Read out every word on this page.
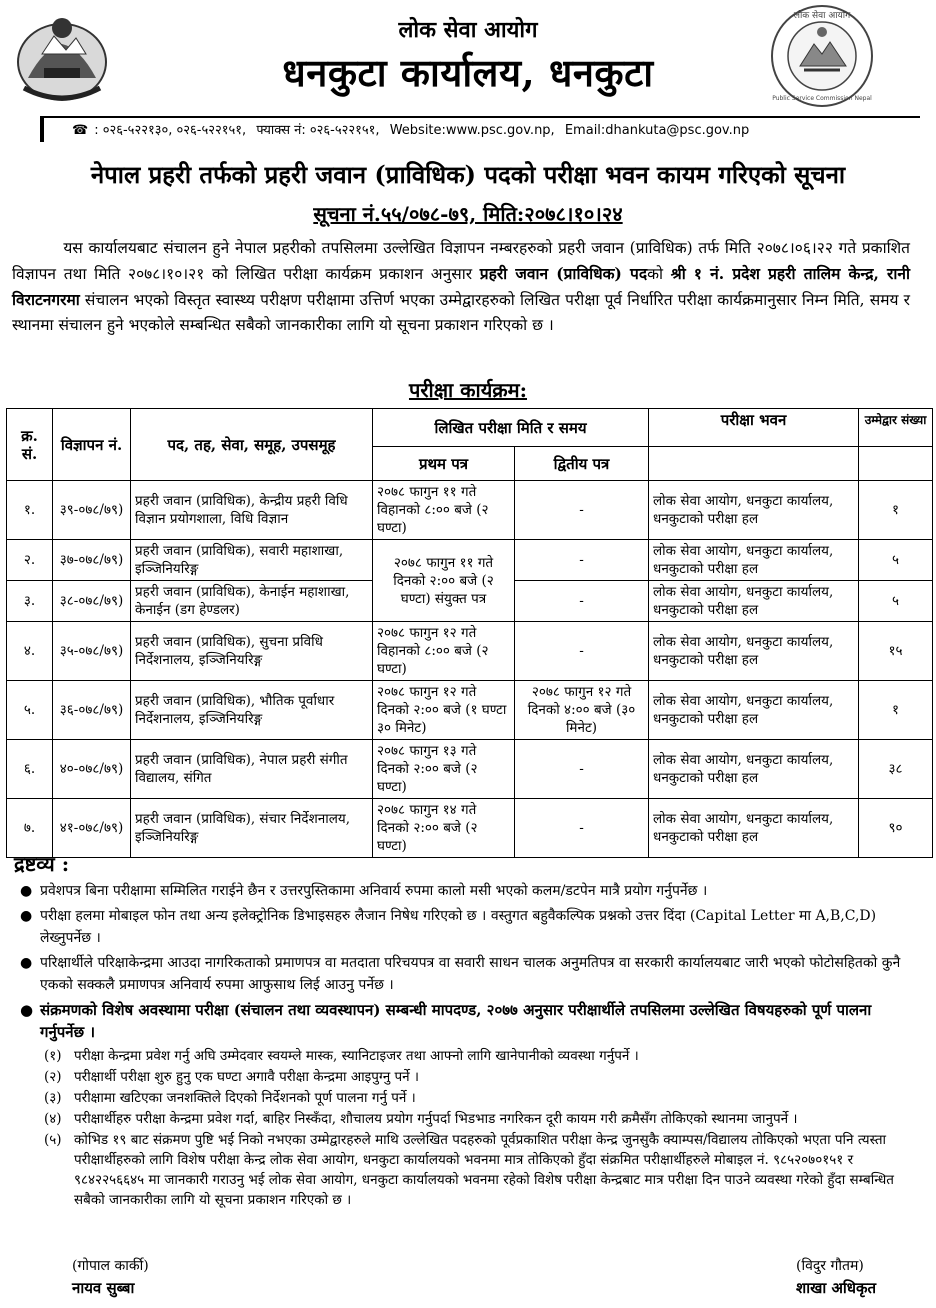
लोक सेवा आयोग
Public Service Commission Nepal
लोक सेवा आयोग
धनकुटा कार्यालय, धनकुटा
☎ : ०२६-५२२१३०, ०२६-५२२१५१, फ्याक्स नं: ०२६-५२२१५१, Website:www.psc.gov.np, Email:dhankuta@psc.gov.np
नेपाल प्रहरी तर्फको प्रहरी जवान (प्राविधिक) पदको परीक्षा भवन कायम गरिएको सूचना
सूचना नं.५५/०७८-७९, मिति:२०७८।१०।२४
यस कार्यालयबाट संचालन हुने नेपाल प्रहरीको तपसिलमा उल्लेखित विज्ञापन नम्बरहरुको प्रहरी जवान (प्राविधिक) तर्फ मिति २०७८।०६।२२ गते प्रकाशित विज्ञापन तथा मिति २०७८।१०।२१ को लिखित परीक्षा कार्यक्रम प्रकाशन अनुसार प्रहरी जवान (प्राविधिक) पदको श्री १ नं. प्रदेश प्रहरी तालिम केन्द्र, रानी विराटनगरमा संचालन भएको विस्तृत स्वास्थ्य परीक्षण परीक्षामा उत्तिर्ण भएका उम्मेद्वारहरुको लिखित परीक्षा पूर्व निर्धारित परीक्षा कार्यक्रमानुसार निम्न मिति, समय र स्थानमा संचालन हुने भएकोले सम्बन्धित सबैको जानकारीका लागि यो सूचना प्रकाशन गरिएको छ ।
परीक्षा कार्यक्रम:
क्र. सं.	विज्ञापन नं.	पद, तह, सेवा, समूह, उपसमूह	लिखित परीक्षा मिति र समय		परीक्षा भवन	उम्मेद्वार संख्या
			प्रथम पत्र	द्वितीय पत्र		
१.	३९-०७८/७९)	प्रहरी जवान (प्राविधिक), केन्द्रीय प्रहरी विधि विज्ञान प्रयोगशाला, विधि विज्ञान	२०७८ फागुन ११ गते विहानको ८:०० बजे (२ घण्टा)	-	लोक सेवा आयोग, धनकुटा कार्यालय, धनकुटाको परीक्षा हल	१
२.	३७-०७८/७९)	प्रहरी जवान (प्राविधिक), सवारी महाशाखा, इञ्जिनियरिङ्ग	२०७८ फागुन ११ गते दिनको २:०० बजे (२ घण्टा) संयुक्त पत्र	-	लोक सेवा आयोग, धनकुटा कार्यालय, धनकुटाको परीक्षा हल	५
३.	३८-०७८/७९)	प्रहरी जवान (प्राविधिक), केनाईन महाशाखा, केनाईन (डग हेण्डलर)		-	लोक सेवा आयोग, धनकुटा कार्यालय, धनकुटाको परीक्षा हल	५
४.	३५-०७८/७९)	प्रहरी जवान (प्राविधिक), सुचना प्रविधि निर्देशनालय, इञ्जिनियरिङ्ग	२०७८ फागुन १२ गते विहानको ८:०० बजे (२ घण्टा)	-	लोक सेवा आयोग, धनकुटा कार्यालय, धनकुटाको परीक्षा हल	१५
५.	३६-०७८/७९)	प्रहरी जवान (प्राविधिक), भौतिक पूर्वाधार निर्देशनालय, इञ्जिनियरिङ्ग	२०७८ फागुन १२ गते दिनको २:०० बजे (१ घण्टा ३० मिनेट)	२०७८ फागुन १२ गते दिनको ४:०० बजे (३० मिनेट)	लोक सेवा आयोग, धनकुटा कार्यालय, धनकुटाको परीक्षा हल	१
६.	४०-०७८/७९)	प्रहरी जवान (प्राविधिक), नेपाल प्रहरी संगीत विद्यालय, संगित	२०७८ फागुन १३ गते दिनको २:०० बजे (२ घण्टा)	-	लोक सेवा आयोग, धनकुटा कार्यालय, धनकुटाको परीक्षा हल	३८
७.	४१-०७८/७९)	प्रहरी जवान (प्राविधिक), संचार निर्देशनालय, इञ्जिनियरिङ्ग	२०७८ फागुन १४ गते दिनको २:०० बजे (२ घण्टा)	-	लोक सेवा आयोग, धनकुटा कार्यालय, धनकुटाको परीक्षा हल	९०
द्रष्टव्य :
● प्रवेशपत्र बिना परीक्षामा सम्मिलित गराईने छैन र उत्तरपुस्तिकामा अनिवार्य रुपमा कालो मसी भएको कलम/डटपेन मात्रै प्रयोग गर्नुपर्नेछ ।
● परीक्षा हलमा मोबाइल फोन तथा अन्य इलेक्ट्रोनिक डिभाइसहरु लैजान निषेध गरिएको छ । वस्तुगत बहुवैकल्पिक प्रश्नको उत्तर दिंदा (Capital Letter मा A,B,C,D) लेख्नुपर्नेछ ।
● परिक्षार्थीले परिक्षाकेन्द्रमा आउदा नागरिकताको प्रमाणपत्र वा मतदाता परिचयपत्र वा सवारी साधन चालक अनुमतिपत्र वा सरकारी कार्यालयबाट जारी भएको फोटोसहितको कुनै एकको सक्कलै प्रमाणपत्र अनिवार्य रुपमा आफुसाथ लिई आउनु पर्नेछ ।
● संक्रमणको विशेष अवस्थामा परीक्षा (संचालन तथा व्यवस्थापन) सम्बन्धी मापदण्ड, २०७७ अनुसार परीक्षार्थीले तपसिलमा उल्लेखित विषयहरुको पूर्ण पालना गर्नुपर्नेछ ।
(१) परीक्षा केन्द्रमा प्रवेश गर्नु अघि उम्मेदवार स्वयम्ले मास्क, स्यानिटाइजर तथा आफ्नो लागि खानेपानीको व्यवस्था गर्नुपर्ने ।
(२) परीक्षार्थी परीक्षा शुरु हुनु एक घण्टा अगावै परीक्षा केन्द्रमा आइपुग्नु पर्ने ।
(३) परीक्षामा खटिएका जनशक्तिले दिएको निर्देशनको पूर्ण पालना गर्नु पर्ने ।
(४) परीक्षार्थीहरु परीक्षा केन्द्रमा प्रवेश गर्दा, बाहिर निस्कँदा, शौचालय प्रयोग गर्नुपर्दा भिडभाड नगरिकन दूरी कायम गरी क्रमैसँग तोकिएको स्थानमा जानुपर्ने ।
(५) कोभिड १९ बाट संक्रमण पुष्टि भई निको नभएका उम्मेद्वारहरुले माथि उल्लेखित पदहरुको पूर्वप्रकाशित परीक्षा केन्द्र जुनसुकै क्याम्पस/विद्यालय तोकिएको भएता पनि त्यस्ता परीक्षार्थीहरुको लागि विशेष परीक्षा केन्द्र लोक सेवा आयोग, धनकुटा कार्यालयको भवनमा मात्र तोकिएको हुँदा संक्रमित परीक्षार्थीहरुले मोबाइल नं. ९८५२०७०१५१ र ९८४२२५६६४५ मा जानकारी गराउनु भई लोक सेवा आयोग, धनकुटा कार्यालयको भवनमा रहेको विशेष परीक्षा केन्द्रबाट मात्र परीक्षा दिन पाउने व्यवस्था गरेको हुँदा सम्बन्धित सबैको जानकारीका लागि यो सूचना प्रकाशन गरिएको छ ।
(गोपाल कार्की)
नायव सुब्बा
(विदुर गौतम)
शाखा अधिकृत
